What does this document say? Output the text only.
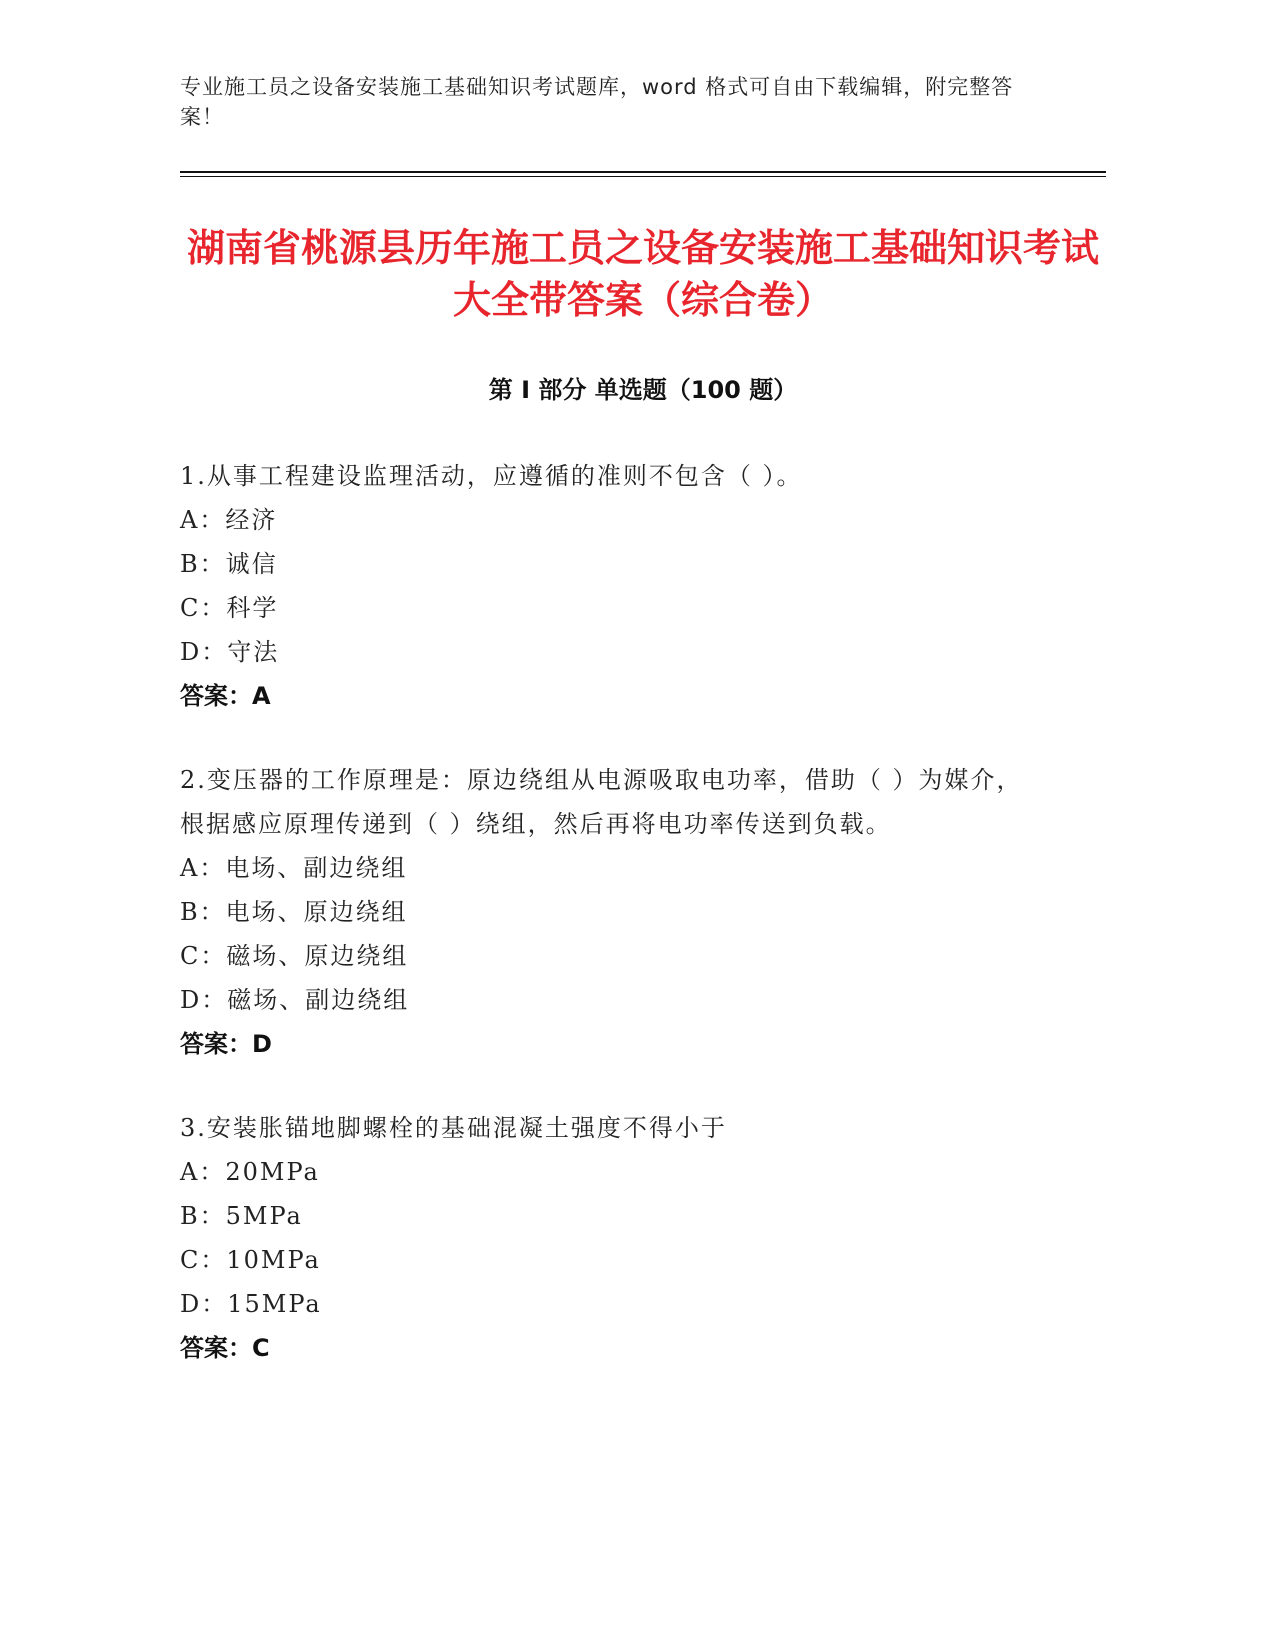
专业施工员之设备安装施工基础知识考试题库，word 格式可自由下载编辑，附完整答案！
湖南省桃源县历年施工员之设备安装施工基础知识考试大全带答案（综合卷）
第 I 部分 单选题（100 题）
1.从事工程建设监理活动，应遵循的准则不包含（ ）。
A：经济
B：诚信
C：科学
D：守法
答案：A
2.变压器的工作原理是：原边绕组从电源吸取电功率，借助（ ）为媒介，根据感应原理传递到（ ）绕组，然后再将电功率传送到负载。
A：电场、副边绕组
B：电场、原边绕组
C：磁场、原边绕组
D：磁场、副边绕组
答案：D
3.安装胀锚地脚螺栓的基础混凝土强度不得小于
A：20MPa
B：5MPa
C：10MPa
D：15MPa
答案：C
